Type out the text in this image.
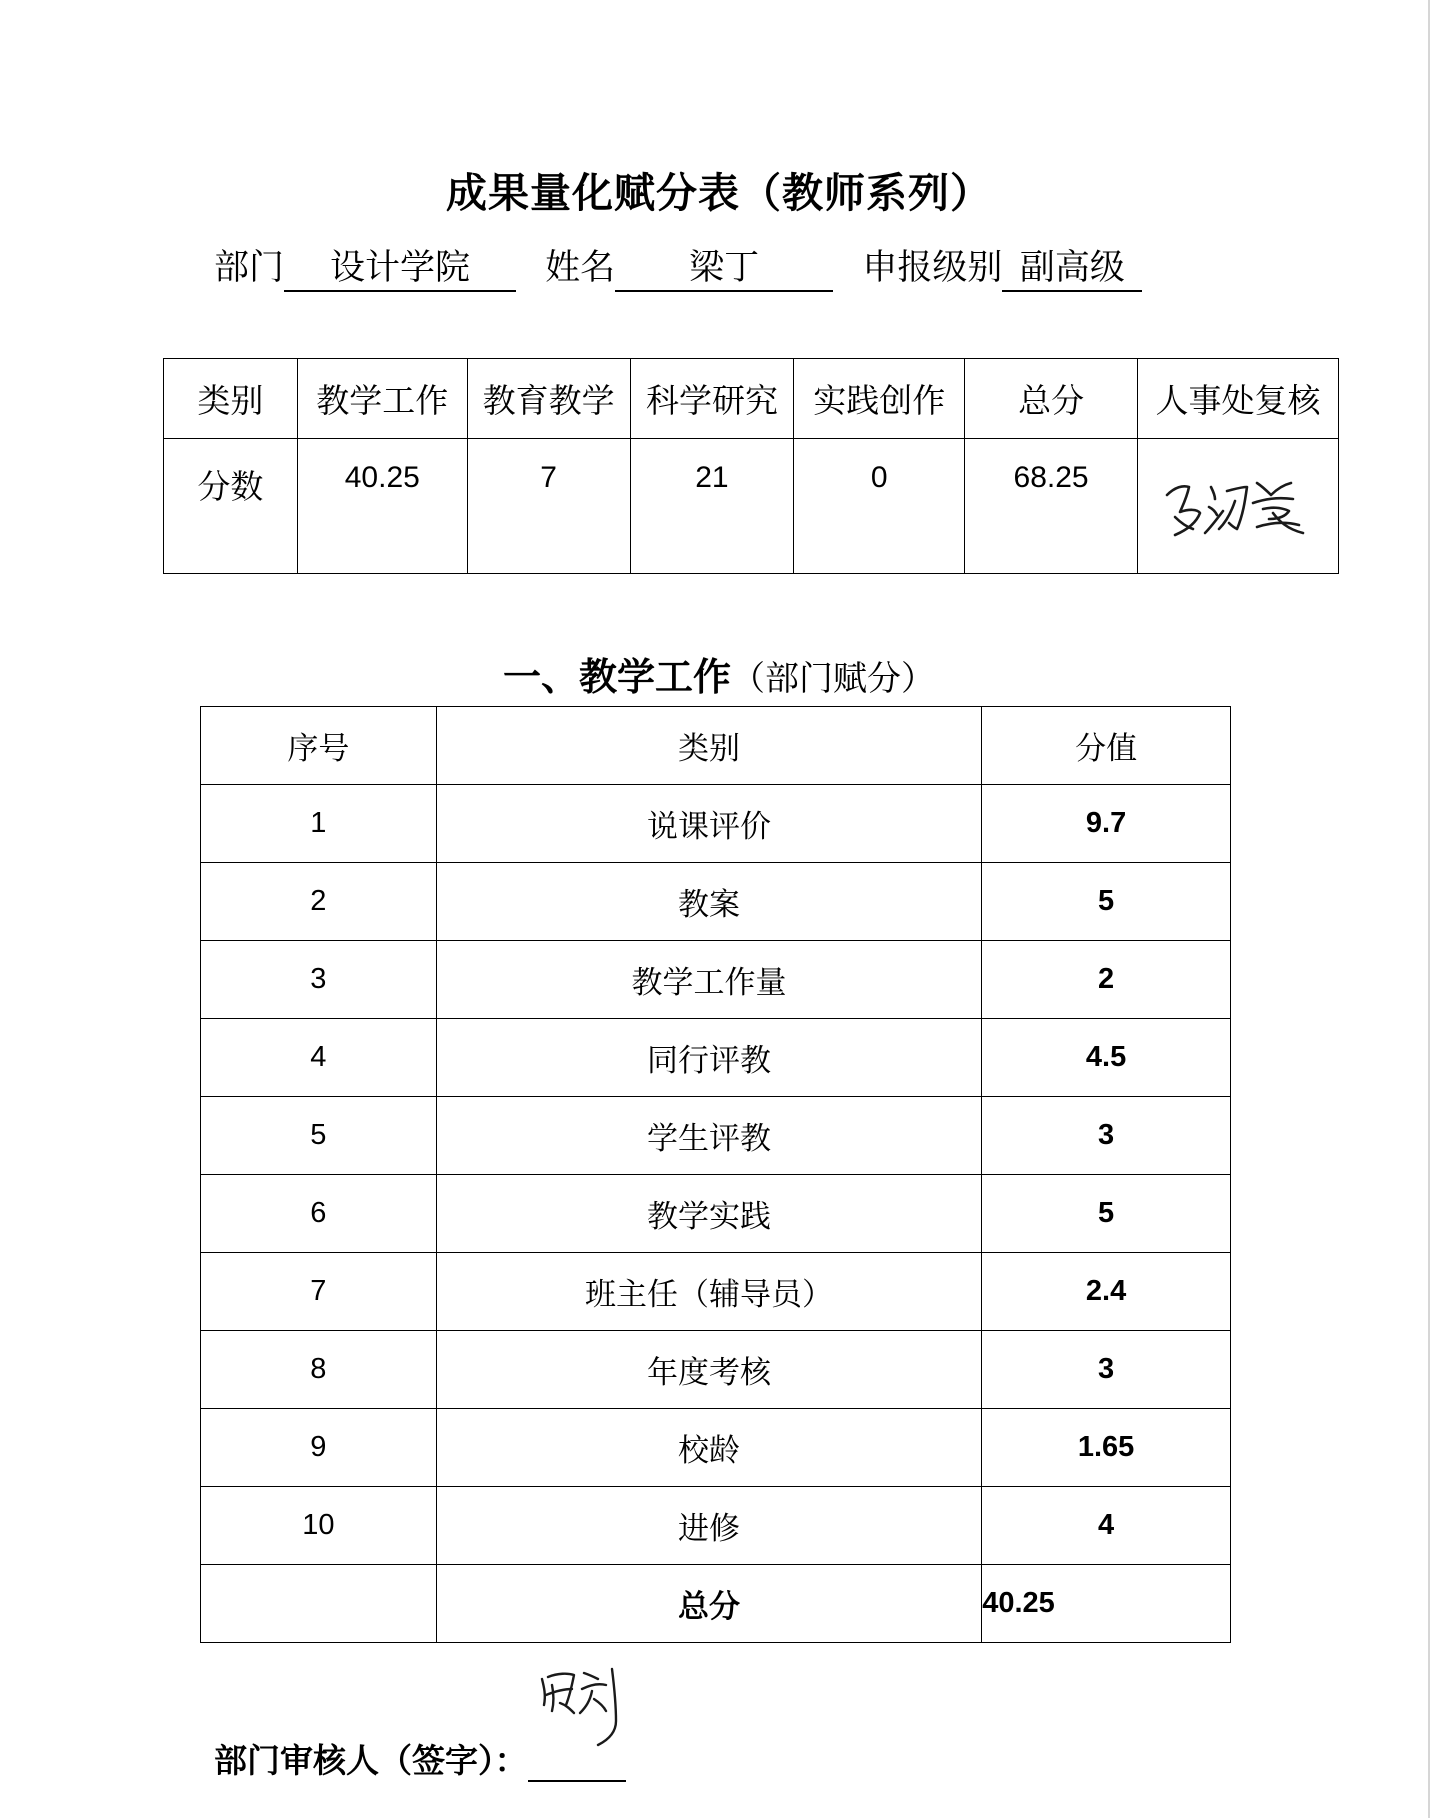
成果量化赋分表（教师系列）
部门 设计学院 姓名 梁丁	申报级别 副高级
类别	教学工作	教育教学	科学研究	实践创作	总分	人事处复核
分数	40.25	7	21	0	68.25	
一、教学工作（部门赋分）
序号	类别	分值
1	说课评价	9.7
2	教案	5
3	教学工作量	2
4	同行评教	4.5
5	学生评教	3
6	教学实践	5
7	班主任（辅导员）	2.4
8	年度考核	3
9	校龄	1.65
10	进修	4
	总分	40.25
部门审核人（签字）：
